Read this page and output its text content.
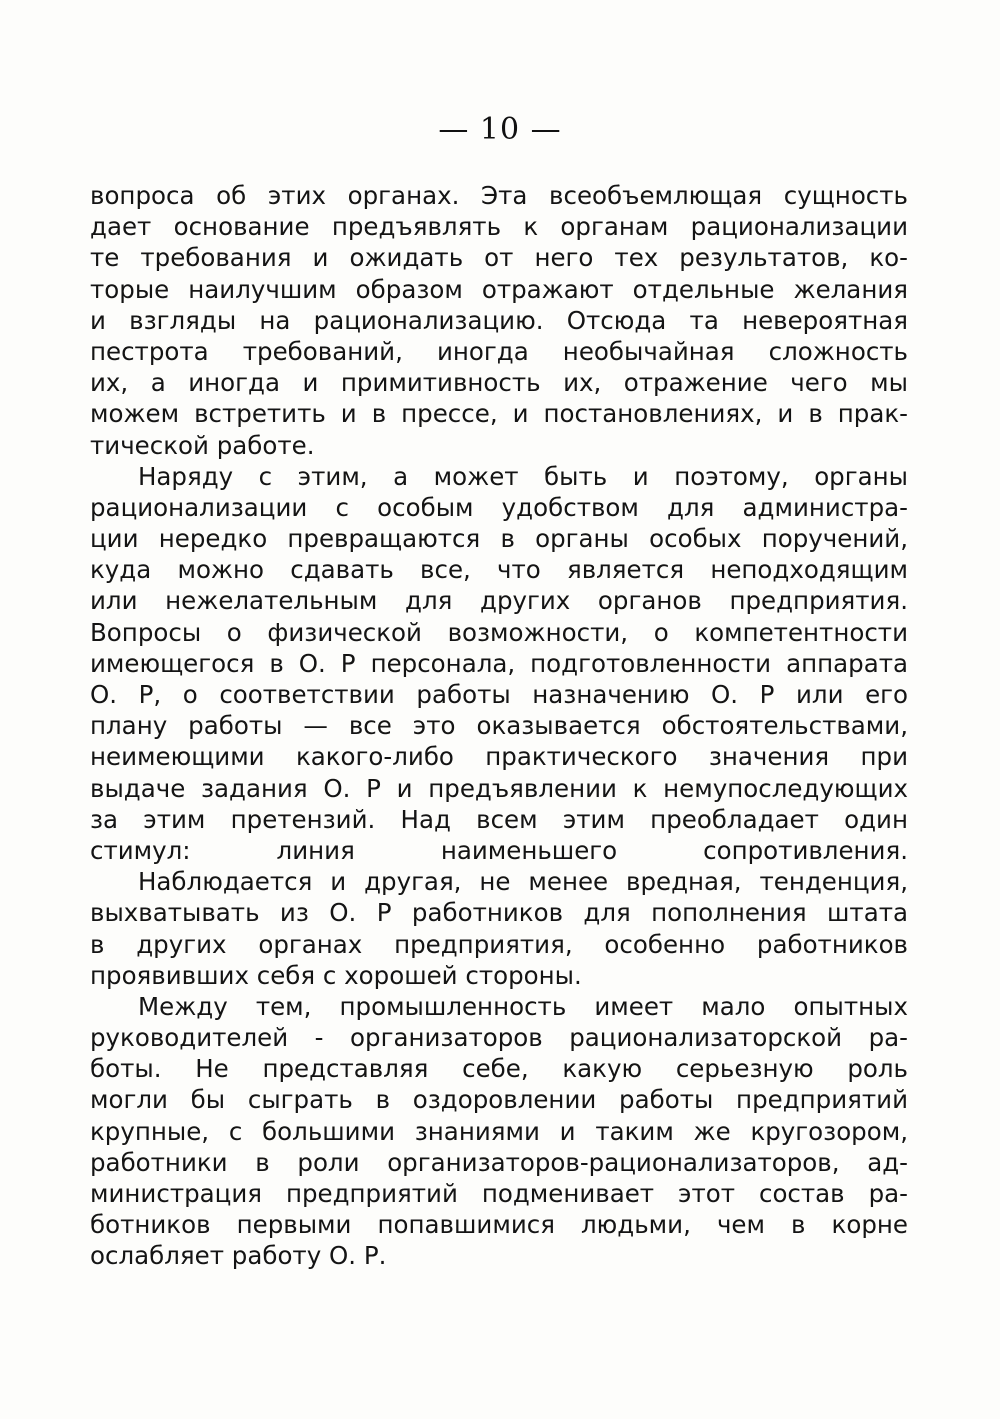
— 10 —
вопроса об этих органах. Эта всеобъемлющая сущность
дает основание предъявлять к органам рационализации
те требования и ожидать от него тех результатов, ко-
торые наилучшим образом отражают отдельные желания
и взгляды на рационализацию. Отсюда та невероятная
пестрота требований, иногда необычайная сложность
их, а иногда и примитивность их, отражение чего мы
можем встретить и в прессе, и постановлениях, и в прак-
тической работе.
Наряду с этим, а может быть и поэтому, органы
рационализации с особым удобством для администра-
ции нередко превращаются в органы особых поручений,
куда можно сдавать все, что является неподходящим
или нежелательным для других органов предприятия.
Вопросы о физической возможности, о компетентности
имеющегося в О. Р персонала, подготовленности аппарата
О. Р, о соответствии работы назначению О. Р или его
плану работы — все это оказывается обстоятельствами,
неимеющими какого-либо практического значения при
выдаче задания О. Р и предъявлении к немупоследующих
за этим претензий. Над всем этим преобладает один
стимул: линия наименьшего сопротивления.
Наблюдается и другая, не менее вредная, тенденция,
выхватывать из О. Р работников для пополнения штата
в других органах предприятия, особенно работников
проявивших себя с хорошей стороны.
Между тем, промышленность имеет мало опытных
руководителей - организаторов рационализаторской ра-
боты. Не представляя себе, какую серьезную роль
могли бы сыграть в оздоровлении работы предприятий
крупные, с большими знаниями и таким же кругозором,
работники в роли организаторов-рационализаторов, ад-
министрация предприятий подменивает этот состав ра-
ботников первыми попавшимися людьми, чем в корне
ослабляет работу О. Р.
